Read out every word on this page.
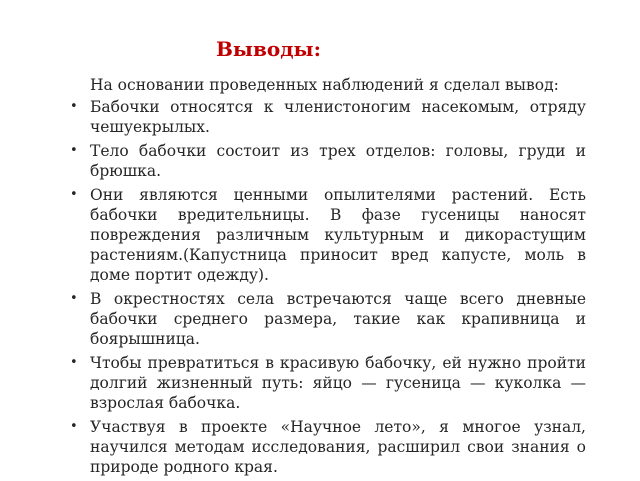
Выводы:

На основании проведенных наблюдений я сделал вывод:

• Бабочки относятся к членистоногим насекомым, отряду чешуекрылых.
• Тело бабочки состоит из трех отделов: головы, груди и брюшка.
• Они являются ценными опылителями растений. Есть бабочки вредительницы. В фазе гусеницы наносят повреждения различным культурным и дикорастущим растениям.(Капустница приносит вред капусте, моль в доме портит одежду).
• В окрестностях села встречаются чаще всего дневные бабочки среднего размера, такие как крапивница и боярышница.
• Чтобы превратиться в красивую бабочку, ей нужно пройти долгий жизненный путь: яйцо — гусеница — куколка — взрослая бабочка.
• Участвуя в проекте «Научное лето», я многое узнал, научился методам исследования, расширил свои знания о природе родного края.
